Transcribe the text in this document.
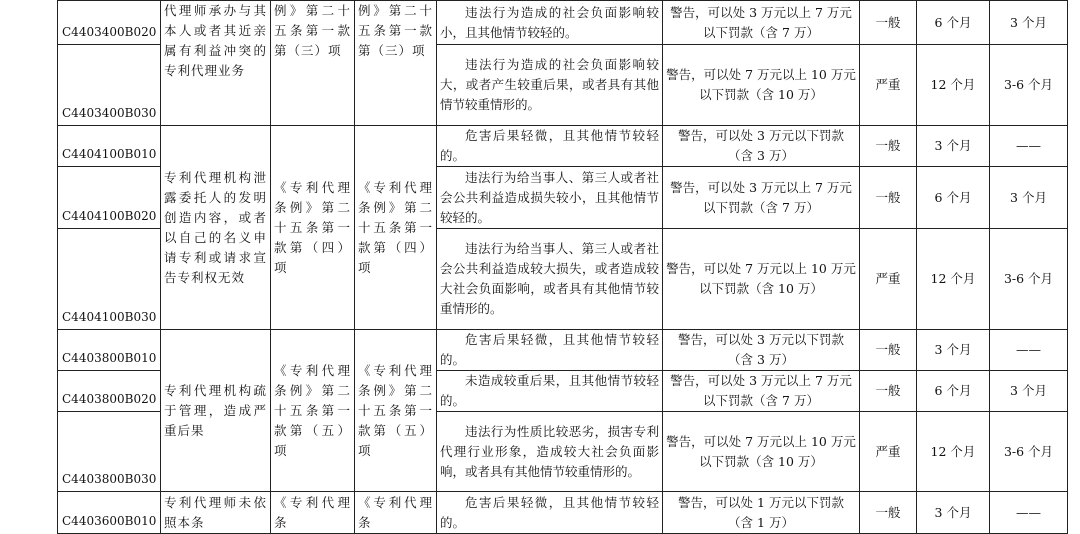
C4403400B020	代理师承办与其本人或者其近亲属有利益冲突的专利代理业务	例》第二十五条第一款第（三）项	例》第二十五条第一款第（三）项	违法行为造成的社会负面影响较小，且其他情节较轻的。	警告，可以处 3 万元以上 7 万元以下罚款（含 7 万）	一般	6 个月	3 个月
C4403400B030				违法行为造成的社会负面影响较大，或者产生较重后果，或者具有其他情节较重情形的。	警告，可以处 7 万元以上 10 万元以下罚款（含 10 万）	严重	12 个月	3-6 个月
C4404100B010	专利代理机构泄露委托人的发明创造内容，或者以自己的名义申请专利或请求宣告专利权无效	《专利代理条例》第二十五条第一款第（四）项	《专利代理条例》第二十五条第一款第（四）项	危害后果轻微，且其他情节较轻的。	警告，可以处 3 万元以下罚款（含 3 万）	一般	3 个月	——
C4404100B020				违法行为给当事人、第三人或者社会公共利益造成损失较小，且其他情节较轻的。	警告，可以处 3 万元以上 7 万元以下罚款（含 7 万）	一般	6 个月	3 个月
C4404100B030				违法行为给当事人、第三人或者社会公共利益造成较大损失，或者造成较大社会负面影响，或者具有其他情节较重情形的。	警告，可以处 7 万元以上 10 万元以下罚款（含 10 万）	严重	12 个月	3-6 个月
C4403800B010	专利代理机构疏于管理，造成严重后果	《专利代理条例》第二十五条第一款第（五）项	《专利代理条例》第二十五条第一款第（五）项	危害后果轻微，且其他情节较轻的。	警告，可以处 3 万元以下罚款（含 3 万）	一般	3 个月	——
C4403800B020				未造成较重后果，且其他情节较轻的。	警告，可以处 3 万元以上 7 万元以下罚款（含 7 万）	一般	6 个月	3 个月
C4403800B030				违法行为性质比较恶劣，损害专利代理行业形象，造成较大社会负面影响，或者具有其他情节较重情形的。	警告，可以处 7 万元以上 10 万元以下罚款（含 10 万）	严重	12 个月	3-6 个月
C4403600B010	专利代理师未依照本条	《专利代理条	《专利代理条	危害后果轻微，且其他情节较轻的。	警告，可以处 1 万元以下罚款（含 1 万）	一般	3 个月	——
